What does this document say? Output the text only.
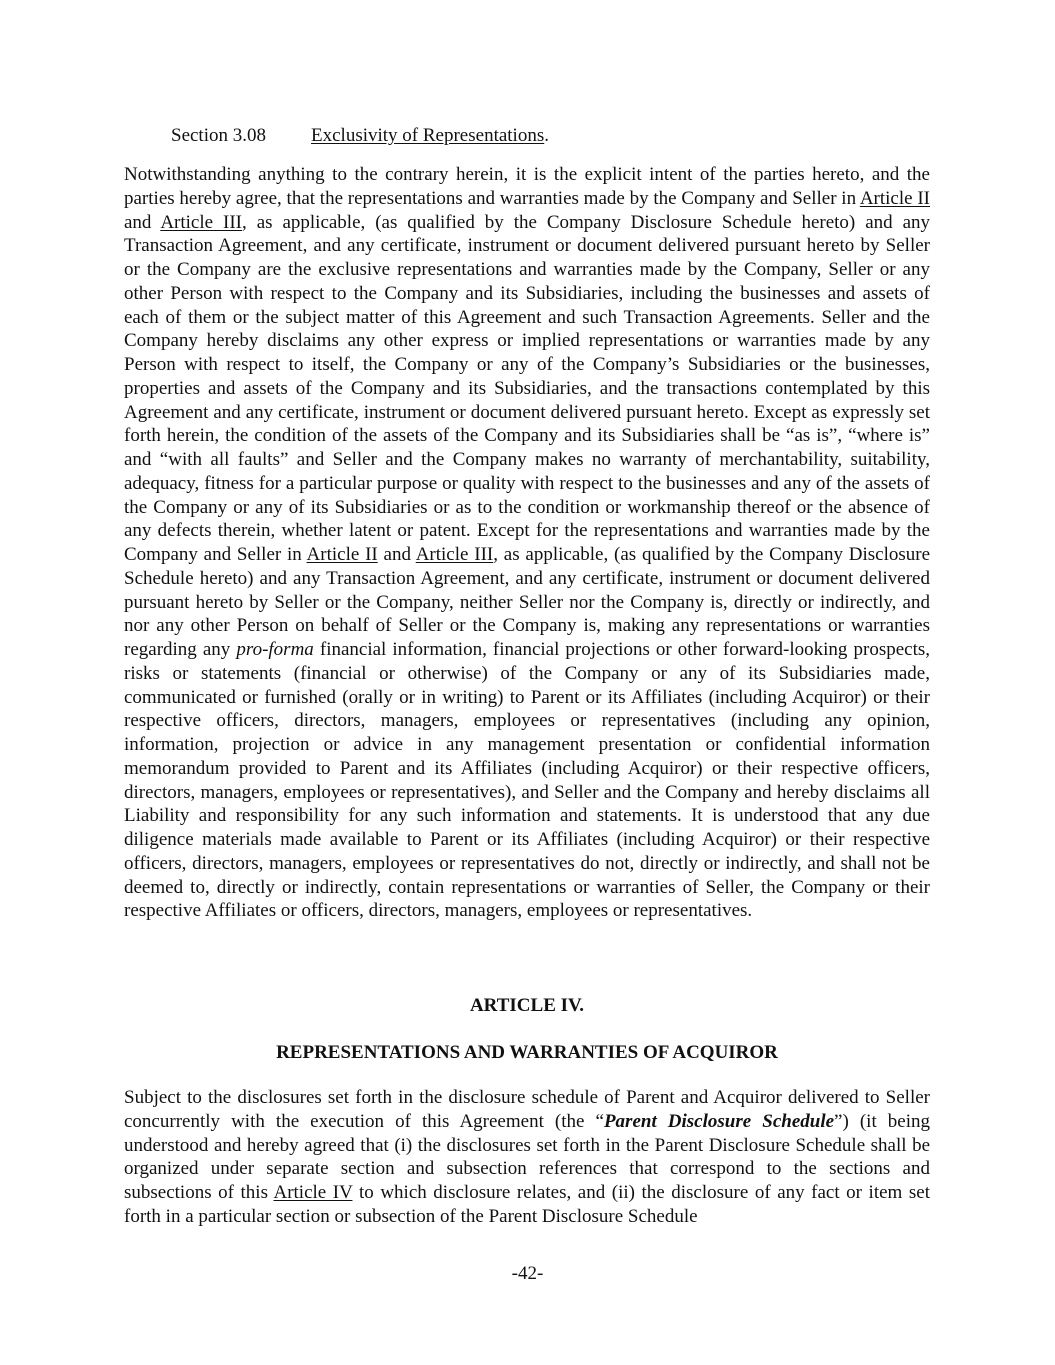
Section 3.08 Exclusivity of Representations.

Notwithstanding anything to the contrary herein, it is the explicit intent of the parties hereto, and the parties hereby agree, that the representations and warranties made by the Company and Seller in Article II and Article III, as applicable, (as qualified by the Company Disclosure Schedule hereto) and any Transaction Agreement, and any certificate, instrument or document delivered pursuant hereto by Seller or the Company are the exclusive representations and warranties made by the Company, Seller or any other Person with respect to the Company and its Subsidiaries, including the businesses and assets of each of them or the subject matter of this Agreement and such Transaction Agreements. Seller and the Company hereby disclaims any other express or implied representations or warranties made by any Person with respect to itself, the Company or any of the Company’s Subsidiaries or the businesses, properties and assets of the Company and its Subsidiaries, and the transactions contemplated by this Agreement and any certificate, instrument or document delivered pursuant hereto. Except as expressly set forth herein, the condition of the assets of the Company and its Subsidiaries shall be “as is”, “where is” and “with all faults” and Seller and the Company makes no warranty of merchantability, suitability, adequacy, fitness for a particular purpose or quality with respect to the businesses and any of the assets of the Company or any of its Subsidiaries or as to the condition or workmanship thereof or the absence of any defects therein, whether latent or patent. Except for the representations and warranties made by the Company and Seller in Article II and Article III, as applicable, (as qualified by the Company Disclosure Schedule hereto) and any Transaction Agreement, and any certificate, instrument or document delivered pursuant hereto by Seller or the Company, neither Seller nor the Company is, directly or indirectly, and nor any other Person on behalf of Seller or the Company is, making any representations or warranties regarding any pro-forma financial information, financial projections or other forward-looking prospects, risks or statements (financial or otherwise) of the Company or any of its Subsidiaries made, communicated or furnished (orally or in writing) to Parent or its Affiliates (including Acquiror) or their respective officers, directors, managers, employees or representatives (including any opinion, information, projection or advice in any management presentation or confidential information memorandum provided to Parent and its Affiliates (including Acquiror) or their respective officers, directors, managers, employees or representatives), and Seller and the Company and hereby disclaims all Liability and responsibility for any such information and statements. It is understood that any due diligence materials made available to Parent or its Affiliates (including Acquiror) or their respective officers, directors, managers, employees or representatives do not, directly or indirectly, and shall not be deemed to, directly or indirectly, contain representations or warranties of Seller, the Company or their respective Affiliates or officers, directors, managers, employees or representatives.

ARTICLE IV.
REPRESENTATIONS AND WARRANTIES OF ACQUIROR

Subject to the disclosures set forth in the disclosure schedule of Parent and Acquiror delivered to Seller concurrently with the execution of this Agreement (the “Parent Disclosure Schedule”) (it being understood and hereby agreed that (i) the disclosures set forth in the Parent Disclosure Schedule shall be organized under separate section and subsection references that correspond to the sections and subsections of this Article IV to which disclosure relates, and (ii) the disclosure of any fact or item set forth in a particular section or subsection of the Parent Disclosure Schedule

-42-
